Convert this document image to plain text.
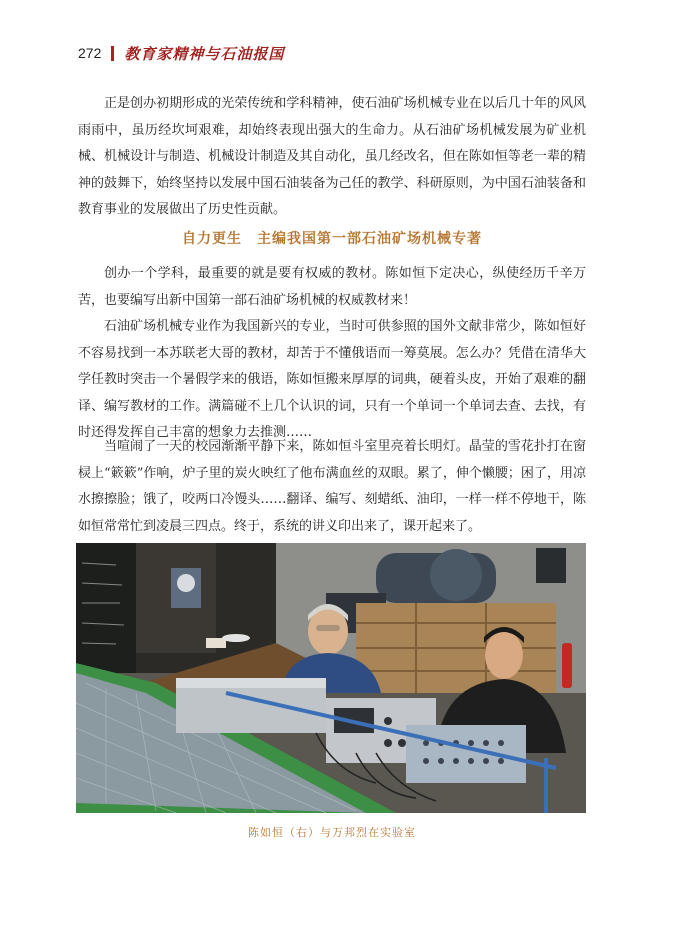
272 教育家精神与石油报国

正是创办初期形成的光荣传统和学科精神，使石油矿场机械专业在以后几十年的风风雨雨中，虽历经坎坷艰难，却始终表现出强大的生命力。从石油矿场机械发展为矿业机械、机械设计与制造、机械设计制造及其自动化，虽几经改名，但在陈如恒等老一辈的精神的鼓舞下，始终坚持以发展中国石油装备为己任的教学、科研原则，为中国石油装备和教育事业的发展做出了历史性贡献。

自力更生　主编我国第一部石油矿场机械专著

创办一个学科，最重要的就是要有权威的教材。陈如恒下定决心，纵使经历千辛万苦，也要编写出新中国第一部石油矿场机械的权威教材来！

石油矿场机械专业作为我国新兴的专业，当时可供参照的国外文献非常少，陈如恒好不容易找到一本苏联老大哥的教材，却苦于不懂俄语而一筹莫展。怎么办？凭借在清华大学任教时突击一个暑假学来的俄语，陈如恒搬来厚厚的词典，硬着头皮，开始了艰难的翻译、编写教材的工作。满篇碰不上几个认识的词，只有一个单词一个单词去查、去找，有时还得发挥自己丰富的想象力去推测……

当喧闹了一天的校园渐渐平静下来，陈如恒斗室里亮着长明灯。晶莹的雪花扑打在窗棂上“簌簌”作响，炉子里的炭火映红了他布满血丝的双眼。累了，伸个懒腰；困了，用凉水擦擦脸；饿了，咬两口冷馒头……翻译、编写、刻蜡纸、油印，一样一样不停地干，陈如恒常常忙到凌晨三四点。终于，系统的讲义印出来了，课开起来了。

陈如恒（右）与万邦烈在实验室
